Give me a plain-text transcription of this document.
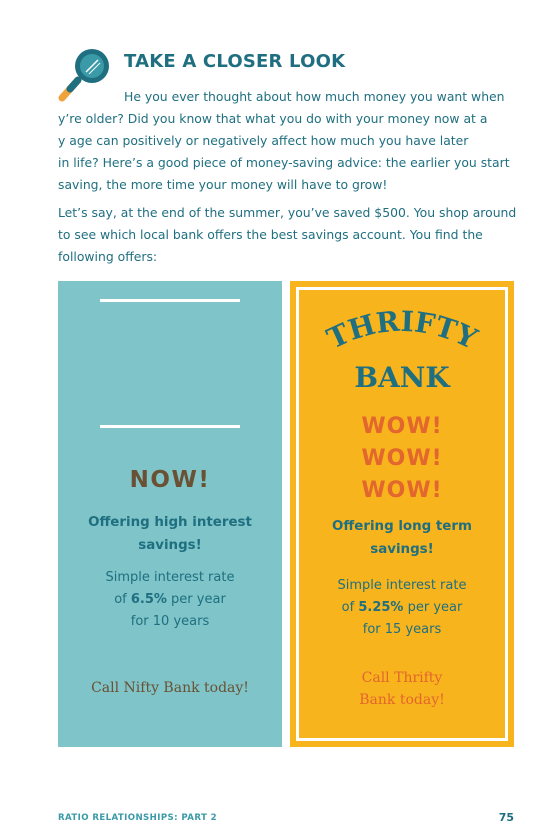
TAKE A CLOSER LOOK
He you ever thought about how much money you want when
y’re older? Did you know that what you do with your money now at a
y age can positively or negatively affect how much you have later
in life? Here’s a good piece of money-saving advice: the earlier you start
saving, the more time your money will have to grow!
Let’s say, at the end of the summer, you’ve saved $500. You shop around
to see which local bank offers the best savings account. You find the
following offers:
NOW!
Offering high interest
savings!
Simple interest rate
of 6.5% per year
for 10 years
Call Nifty Bank today!
THRIFTY
BANK
WOW!
WOW!
WOW!
Offering long term
savings!
Simple interest rate
of 5.25% per year
for 15 years
Call Thrifty
Bank today!
RATIO RELATIONSHIPS: PART 2	75
